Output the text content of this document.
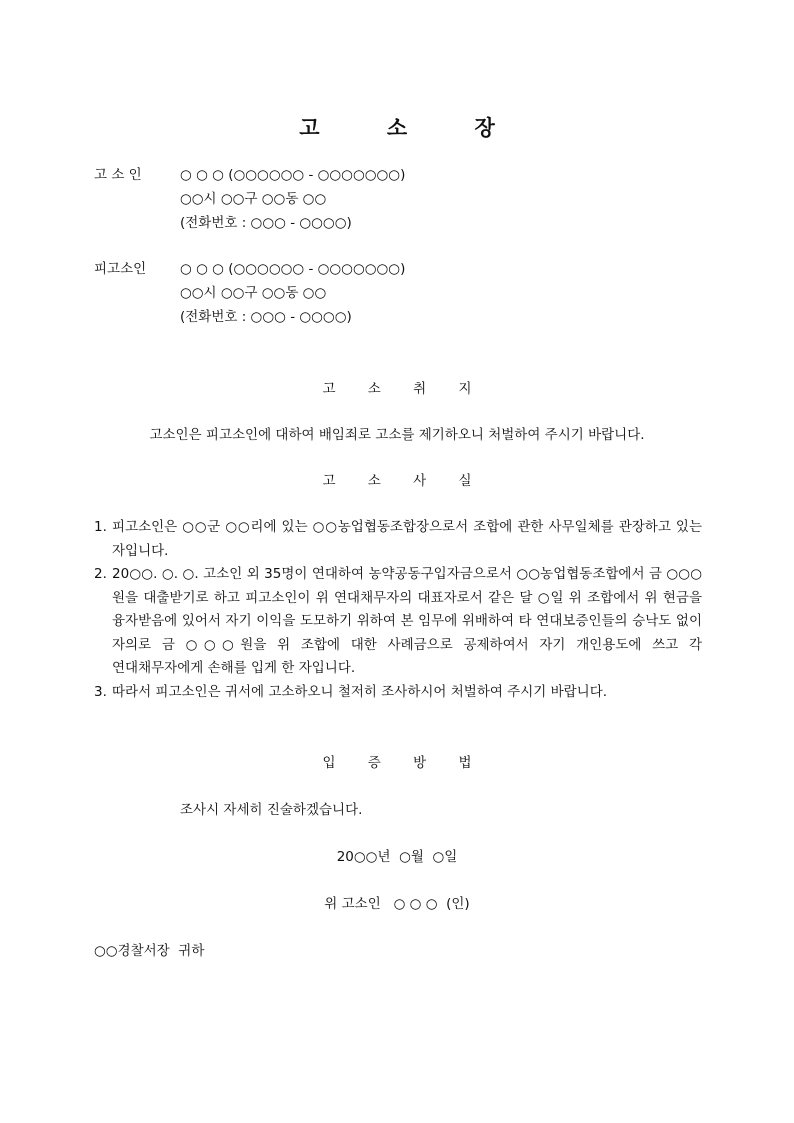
고 소 장
고 소 인	○ ○ ○ (○○○○○○ - ○○○○○○○)
○○시 ○○구 ○○동 ○○
(전화번호 : ○○○ - ○○○○)
피고소인	○ ○ ○ (○○○○○○ - ○○○○○○○)
○○시 ○○구 ○○동 ○○
(전화번호 : ○○○ - ○○○○)
고 소 취 지
고소인은 피고소인에 대하여 배임죄로 고소를 제기하오니 처벌하여 주시기 바랍니다.
고 소 사 실
1. 피고소인은 ○○군 ○○리에 있는 ○○농업협동조합장으로서 조합에 관한 사무일체를 관장하고 있는 자입니다.
2. 20○○. ○. ○. 고소인 외 35명이 연대하여 농약공동구입자금으로서 ○○농업협동조합에서 금 ○○○원을 대출받기로 하고 피고소인이 위 연대채무자의 대표자로서 같은 달 ○일 위 조합에서 위 현금을 융자받음에 있어서 자기 이익을 도모하기 위하여 본 임무에 위배하여 타 연대보증인들의 승낙도 없이 자의로 금 ○○○원을 위 조합에 대한 사례금으로 공제하여서 자기 개인용도에 쓰고 각 연대채무자에게 손해를 입게 한 자입니다.
3. 따라서 피고소인은 귀서에 고소하오니 철저히 조사하시어 처벌하여 주시기 바랍니다.
입 증 방 법
조사시 자세히 진술하겠습니다.
20○○년  ○월  ○일
위 고소인   ○ ○ ○  (인)
○○경찰서장  귀하
